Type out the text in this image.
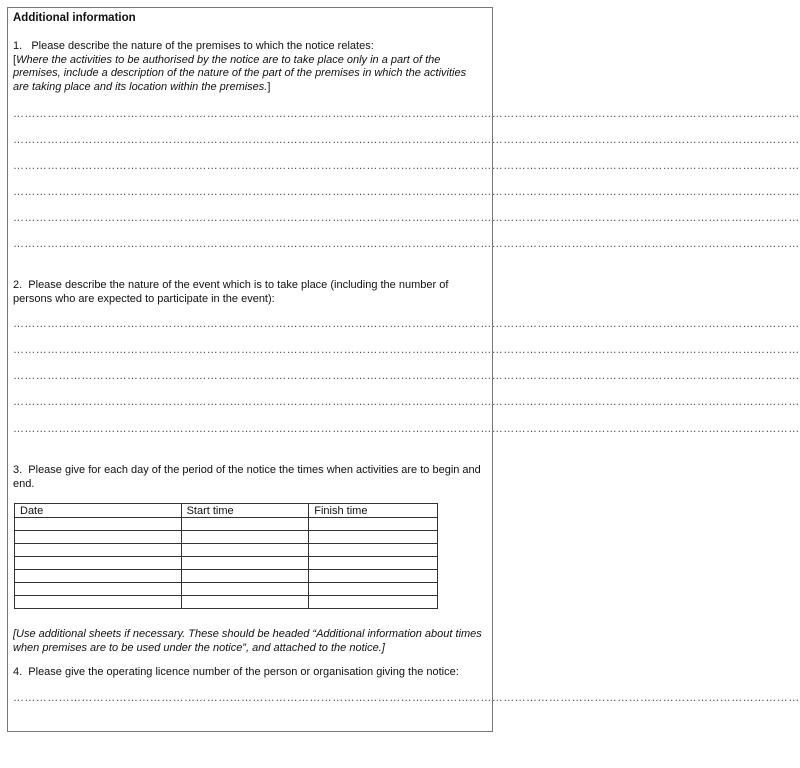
Additional information
1.   Please describe the nature of the premises to which the notice relates:
[Where the activities to be authorised by the notice are to take place only in a part of the premises, include a description of the nature of the part of the premises in which the activities are taking place and its location within the premises.]
………………………………………………………………………………………………………………………………………………………………………………………
………………………………………………………………………………………………………………………………………………………………………………………
………………………………………………………………………………………………………………………………………………………………………………………
………………………………………………………………………………………………………………………………………………………………………………………
………………………………………………………………………………………………………………………………………………………………………………………
………………………………………………………………………………………………………………………………………………………………………………………
2.  Please describe the nature of the event which is to take place (including the number of persons who are expected to participate in the event):
………………………………………………………………………………………………………………………………………………………………………………………
………………………………………………………………………………………………………………………………………………………………………………………
………………………………………………………………………………………………………………………………………………………………………………………
………………………………………………………………………………………………………………………………………………………………………………………
………………………………………………………………………………………………………………………………………………………………………………………
3.  Please give for each day of the period of the notice the times when activities are to begin and end.
Date	Start time	Finish time

[Use additional sheets if necessary. These should be headed “Additional information about times when premises are to be used under the notice”, and attached to the notice.]
4.  Please give the operating licence number of the person or organisation giving the notice:
………………………………………………………………………………………………………………………………………………………………………………………
